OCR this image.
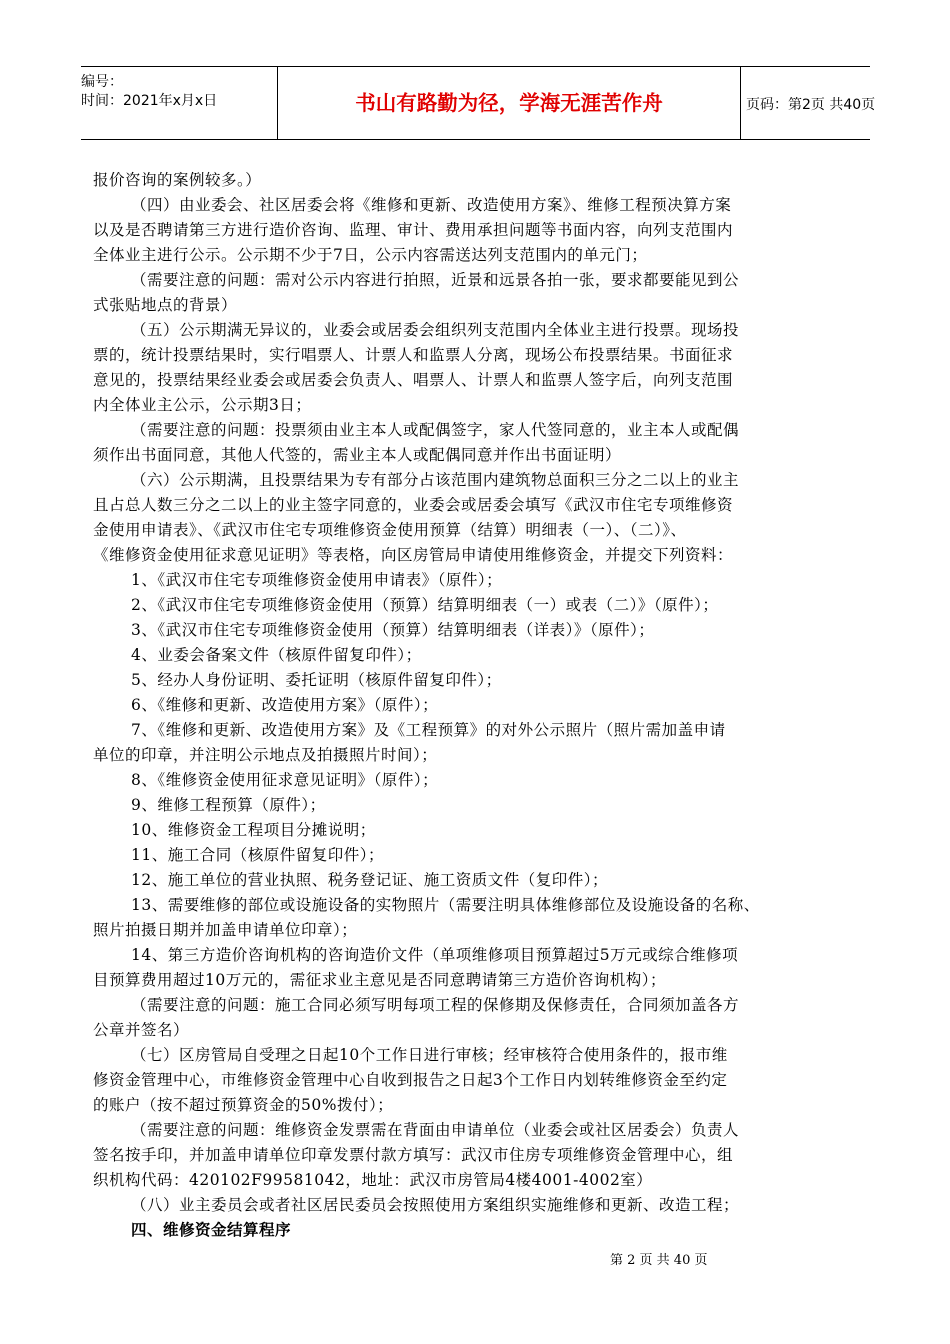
编号：
时间：2021年x月x日	书山有路勤为径，学海无涯苦作舟	页码：第2页 共40页

报价咨询的案例较多。）

（四）由业委会、社区居委会将《维修和更新、改造使用方案》、维修工程预决算方案

以及是否聘请第三方进行造价咨询、监理、审计、费用承担问题等书面内容，向列支范围内

全体业主进行公示。公示期不少于7日，公示内容需送达列支范围内的单元门；

（需要注意的问题：需对公示内容进行拍照，近景和远景各拍一张，要求都要能见到公

式张贴地点的背景）

（五）公示期满无异议的，业委会或居委会组织列支范围内全体业主进行投票。现场投

票的，统计投票结果时，实行唱票人、计票人和监票人分离，现场公布投票结果。书面征求

意见的，投票结果经业委会或居委会负责人、唱票人、计票人和监票人签字后，向列支范围

内全体业主公示，公示期3日；

（需要注意的问题：投票须由业主本人或配偶签字，家人代签同意的，业主本人或配偶

须作出书面同意，其他人代签的，需业主本人或配偶同意并作出书面证明）

（六）公示期满，且投票结果为专有部分占该范围内建筑物总面积三分之二以上的业主

且占总人数三分之二以上的业主签字同意的，业委会或居委会填写《武汉市住宅专项维修资

金使用申请表》、《武汉市住宅专项维修资金使用预算（结算）明细表（一）、（二）》、

《维修资金使用征求意见证明》等表格，向区房管局申请使用维修资金，并提交下列资料：

1、《武汉市住宅专项维修资金使用申请表》（原件）；

2、《武汉市住宅专项维修资金使用（预算）结算明细表（一）或表（二）》（原件）；

3、《武汉市住宅专项维修资金使用（预算）结算明细表（详表）》（原件）；

4、业委会备案文件（核原件留复印件）；

5、经办人身份证明、委托证明（核原件留复印件）；

6、《维修和更新、改造使用方案》（原件）；

7、《维修和更新、改造使用方案》及《工程预算》的对外公示照片（照片需加盖申请

单位的印章，并注明公示地点及拍摄照片时间）；

8、《维修资金使用征求意见证明》（原件）；

9、维修工程预算（原件）；

10、维修资金工程项目分摊说明；

11、施工合同（核原件留复印件）；

12、施工单位的营业执照、税务登记证、施工资质文件（复印件）；

13、需要维修的部位或设施设备的实物照片（需要注明具体维修部位及设施设备的名称、

照片拍摄日期并加盖申请单位印章）；

14、第三方造价咨询机构的咨询造价文件（单项维修项目预算超过5万元或综合维修项

目预算费用超过10万元的，需征求业主意见是否同意聘请第三方造价咨询机构）；

（需要注意的问题：施工合同必须写明每项工程的保修期及保修责任，合同须加盖各方

公章并签名）

（七）区房管局自受理之日起10个工作日进行审核；经审核符合使用条件的，报市维

修资金管理中心，市维修资金管理中心自收到报告之日起3个工作日内划转维修资金至约定

的账户（按不超过预算资金的50%拨付）；

（需要注意的问题：维修资金发票需在背面由申请单位（业委会或社区居委会）负责人

签名按手印，并加盖申请单位印章发票付款方填写：武汉市住房专项维修资金管理中心，组

织机构代码：420102F99581042，地址：武汉市房管局4楼4001-4002室）

（八）业主委员会或者社区居民委员会按照使用方案组织实施维修和更新、改造工程；

四、维修资金结算程序

第 2 页 共 40 页
